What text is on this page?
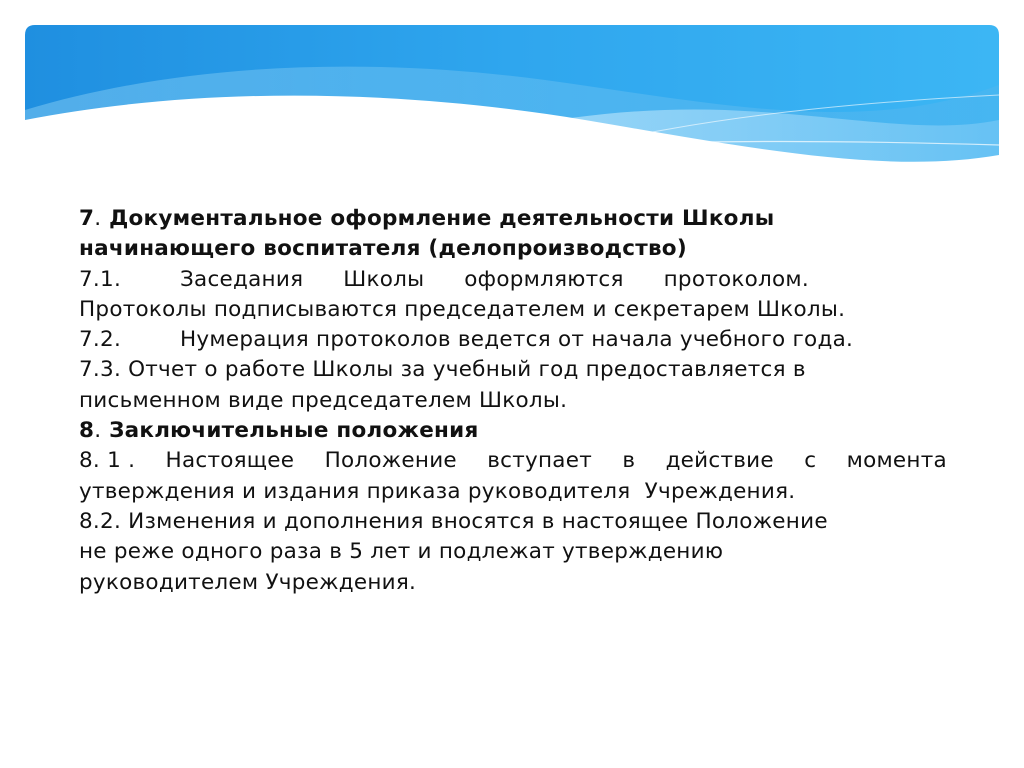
7. Документальное оформление деятельности Школы
начинающего воспитателя (делопроизводство)
7.1.	Заседания Школы оформляются протоколом.
Протоколы подписываются председателем и секретарем Школы.
7.2.	Нумерация протоколов ведется от начала учебного года.
7.3. Отчет о работе Школы за учебный год предоставляется в
письменном виде председателем Школы.
8. Заключительные положения
8. 1 . Настоящее Положение вступает в действие с момента
утверждения и издания приказа руководителя  Учреждения.
8.2. Изменения и дополнения вносятся в настоящее Положение
не реже одного раза в 5 лет и подлежат утверждению
руководителем Учреждения.
